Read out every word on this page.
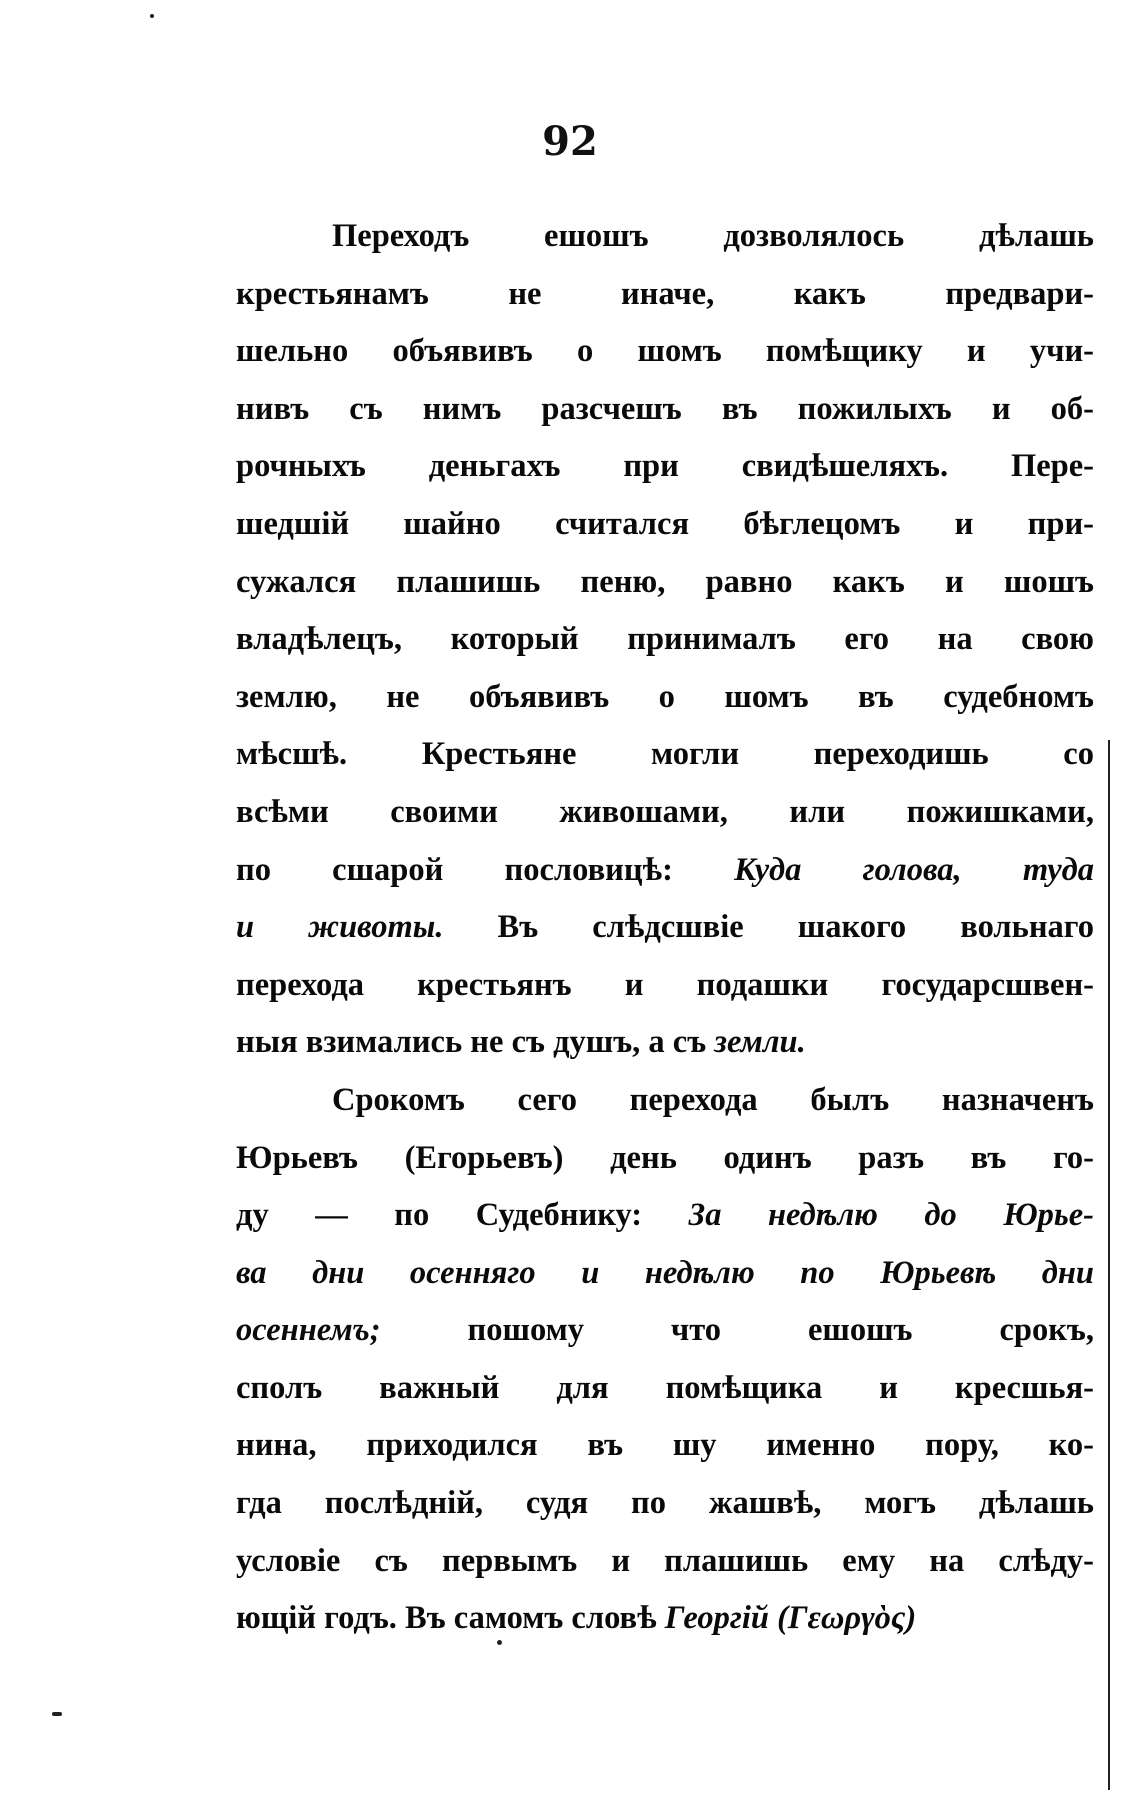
92
Переходъ ешошъ дозволялось дѣлашь
крестьянамъ не иначе, какъ предвари-
шельно объявивъ о шомъ помѣщику и учи-
нивъ съ нимъ разсчешъ въ пожилыхъ и об-
рочныхъ деньгахъ при свидѣшеляхъ. Пере-
шедшій шайно считался бѣглецомъ и при-
сужался плашишь пеню, равно какъ и шошъ
владѣлецъ, который принималъ его на свою
землю, не объявивъ о шомъ въ судебномъ
мѣсшѣ. Крестьяне могли переходишь со
всѣми своими живошами, или пожишками,
по сшарой пословицѣ: Куда голова, туда
и животы. Въ слѣдсшвіе шакого вольнаго
перехода крестьянъ и подашки государсшвен-
ныя взимались не съ душъ, а съ земли.
Срокомъ сего перехода былъ назначенъ
Юрьевъ (Егорьевъ) день одинъ разъ въ го-
ду — по Судебнику: За недѣлю до Юрье-
ва дни осенняго и недѣлю по Юрьевѣ дни
осеннемъ; пошому что ешошъ срокъ,
сполъ важный для помѣщика и кресшья-
нина, приходился въ шу именно пору, ко-
гда послѣдній, судя по жашвѣ, могъ дѣлашь
условіе съ первымъ и плашишь ему на слѣду-
ющій годъ. Въ самомъ словѣ Георгій (Γεωργὸς)
